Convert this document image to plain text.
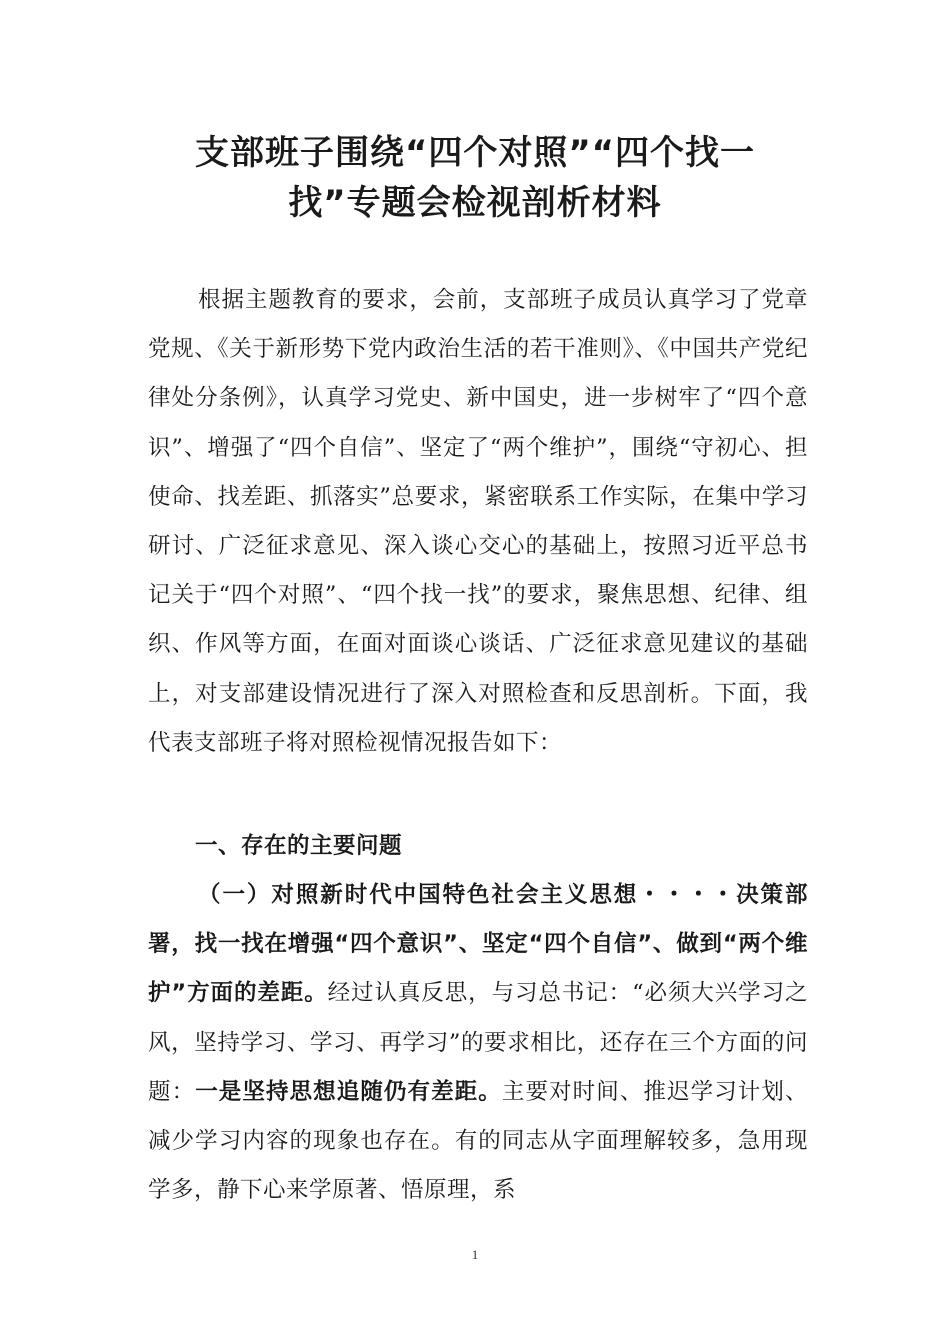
支部班子围绕“四个对照”“四个找一
找”专题会检视剖析材料

根据主题教育的要求，会前，支部班子成员认真学习了党章党规、《关于新形势下党内政治生活的若干准则》、《中国共产党纪律处分条例》，认真学习党史、新中国史，进一步树牢了“四个意识”、增强了“四个自信”、坚定了“两个维护”，围绕“守初心、担使命、找差距、抓落实”总要求，紧密联系工作实际，在集中学习研讨、广泛征求意见、深入谈心交心的基础上，按照习近平总书记关于“四个对照”、“四个找一找”的要求，聚焦思想、纪律、组织、作风等方面，在面对面谈心谈话、广泛征求意见建议的基础上，对支部建设情况进行了深入对照检查和反思剖析。下面，我代表支部班子将对照检视情况报告如下：

一、存在的主要问题

（一）对照新时代中国特色社会主义思想・・・・决策部署，找一找在增强“四个意识”、坚定“四个自信”、做到“两个维护”方面的差距。经过认真反思，与习总书记：“必须大兴学习之风，坚持学习、学习、再学习”的要求相比，还存在三个方面的问题：一是坚持思想追随仍有差距。主要对时间、推迟学习计划、减少学习内容的现象也存在。有的同志从字面理解较多，急用现学多，静下心来学原著、悟原理，系

1
